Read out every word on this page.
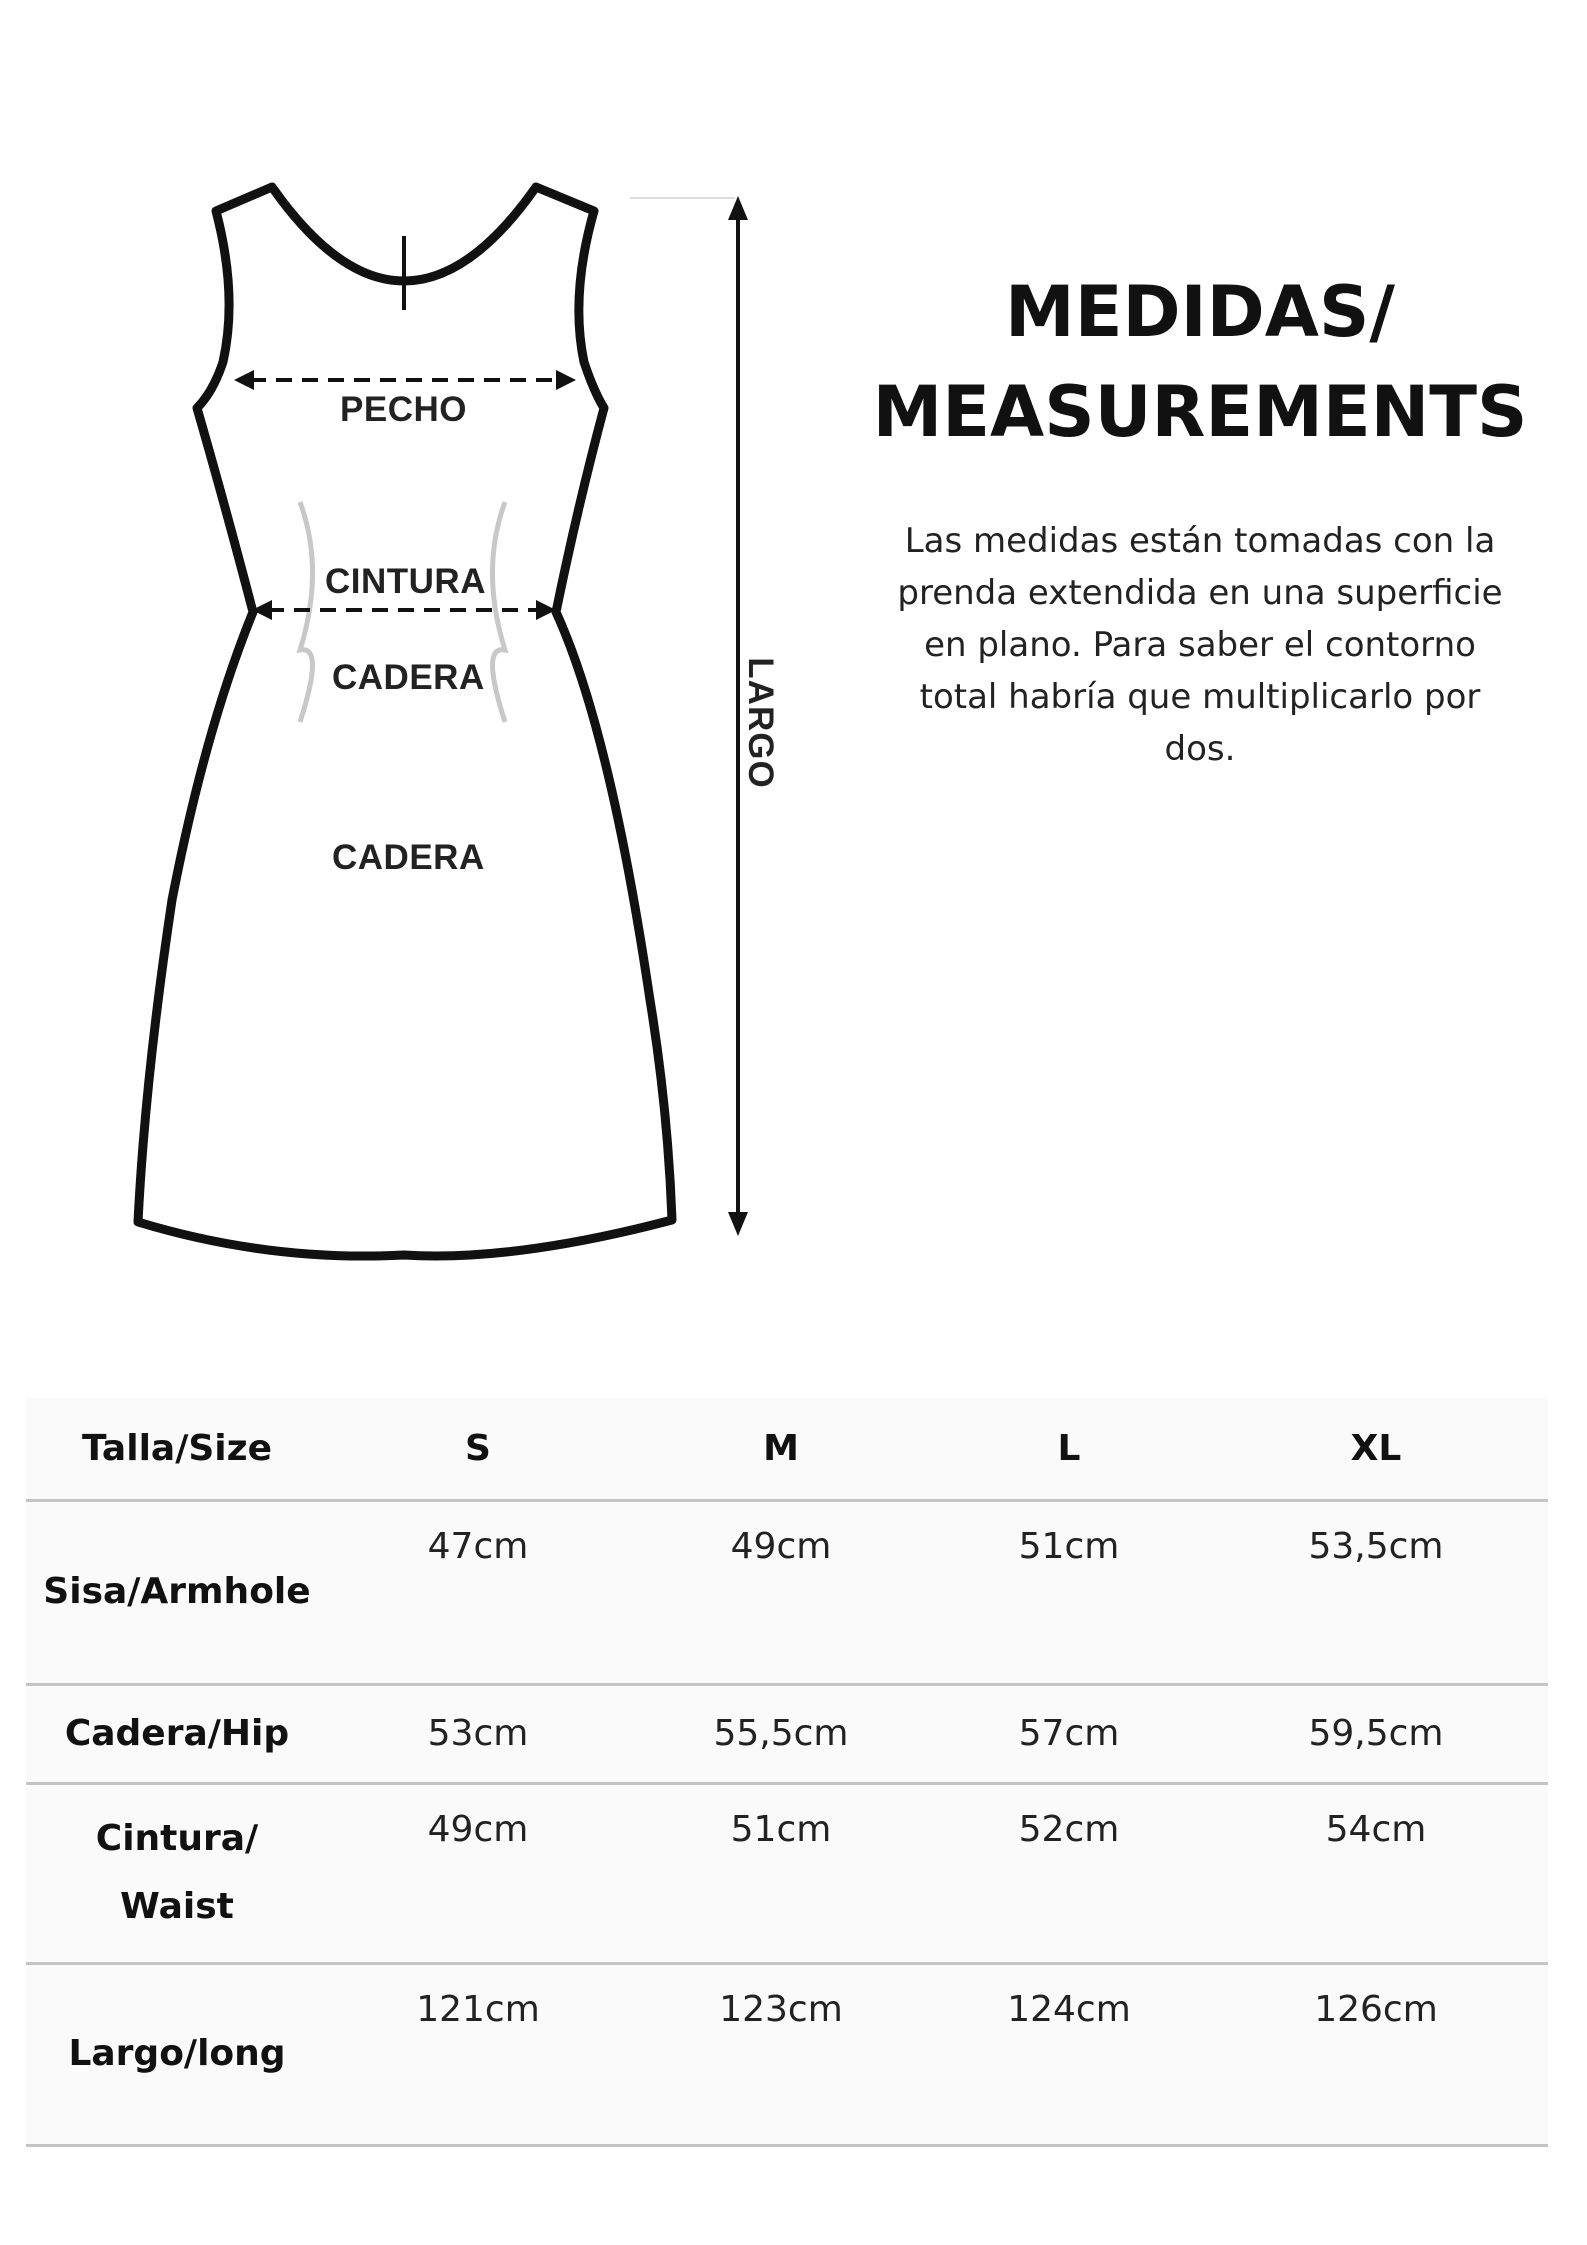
PECHO
CINTURA
CADERA
CADERA
LARGO
MEDIDAS/
MEASUREMENTS

Las medidas están tomadas con la prenda extendida en una superficie en plano. Para saber el contorno total habría que multiplicarlo por dos.

Talla/Size	S	M	L	XL
Sisa/Armhole	47cm	49cm	51cm	53,5cm
Cadera/Hip	53cm	55,5cm	57cm	59,5cm
Cintura/
Waist	49cm	51cm	52cm	54cm
Largo/long	121cm	123cm	124cm	126cm
